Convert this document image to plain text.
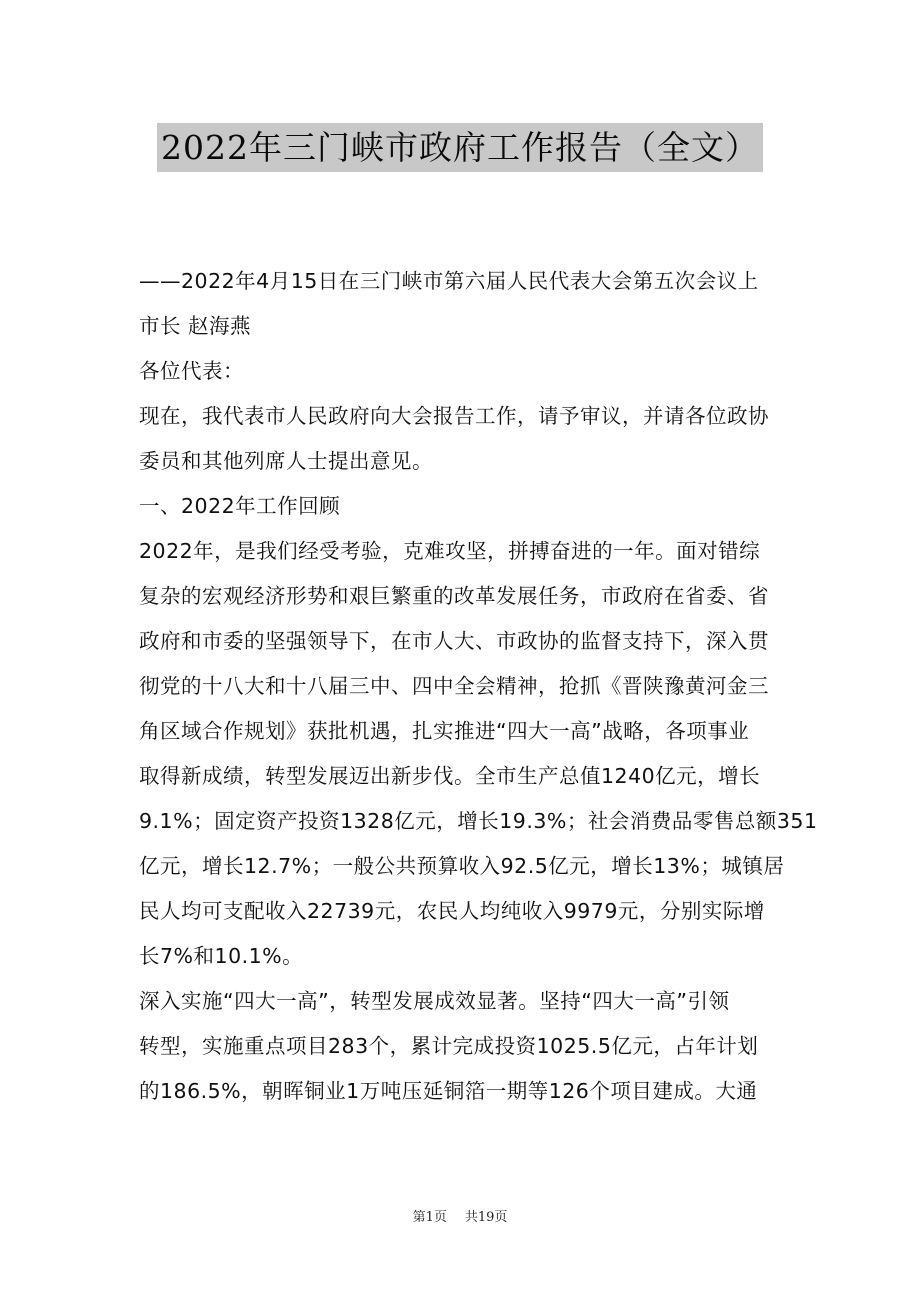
2022年三门峡市政府工作报告（全文）
——2022年4月15日在三门峡市第六届人民代表大会第五次会议上
市长 赵海燕
各位代表：
现在，我代表市人民政府向大会报告工作，请予审议，并请各位政协
委员和其他列席人士提出意见。
一、2022年工作回顾
2022年，是我们经受考验，克难攻坚，拼搏奋进的一年。面对错综
复杂的宏观经济形势和艰巨繁重的改革发展任务，市政府在省委、省
政府和市委的坚强领导下，在市人大、市政协的监督支持下，深入贯
彻党的十八大和十八届三中、四中全会精神，抢抓《晋陕豫黄河金三
角区域合作规划》获批机遇，扎实推进“四大一高”战略，各项事业
取得新成绩，转型发展迈出新步伐。全市生产总值1240亿元，增长
9.1%；固定资产投资1328亿元，增长19.3%；社会消费品零售总额351
亿元，增长12.7%；一般公共预算收入92.5亿元，增长13%；城镇居
民人均可支配收入22739元，农民人均纯收入9979元，分别实际增
长7%和10.1%。
深入实施“四大一高”，转型发展成效显著。坚持“四大一高”引领
转型，实施重点项目283个，累计完成投资1025.5亿元，占年计划
的186.5%，朝晖铜业1万吨压延铜箔一期等126个项目建成。大通
第1页 共19页
